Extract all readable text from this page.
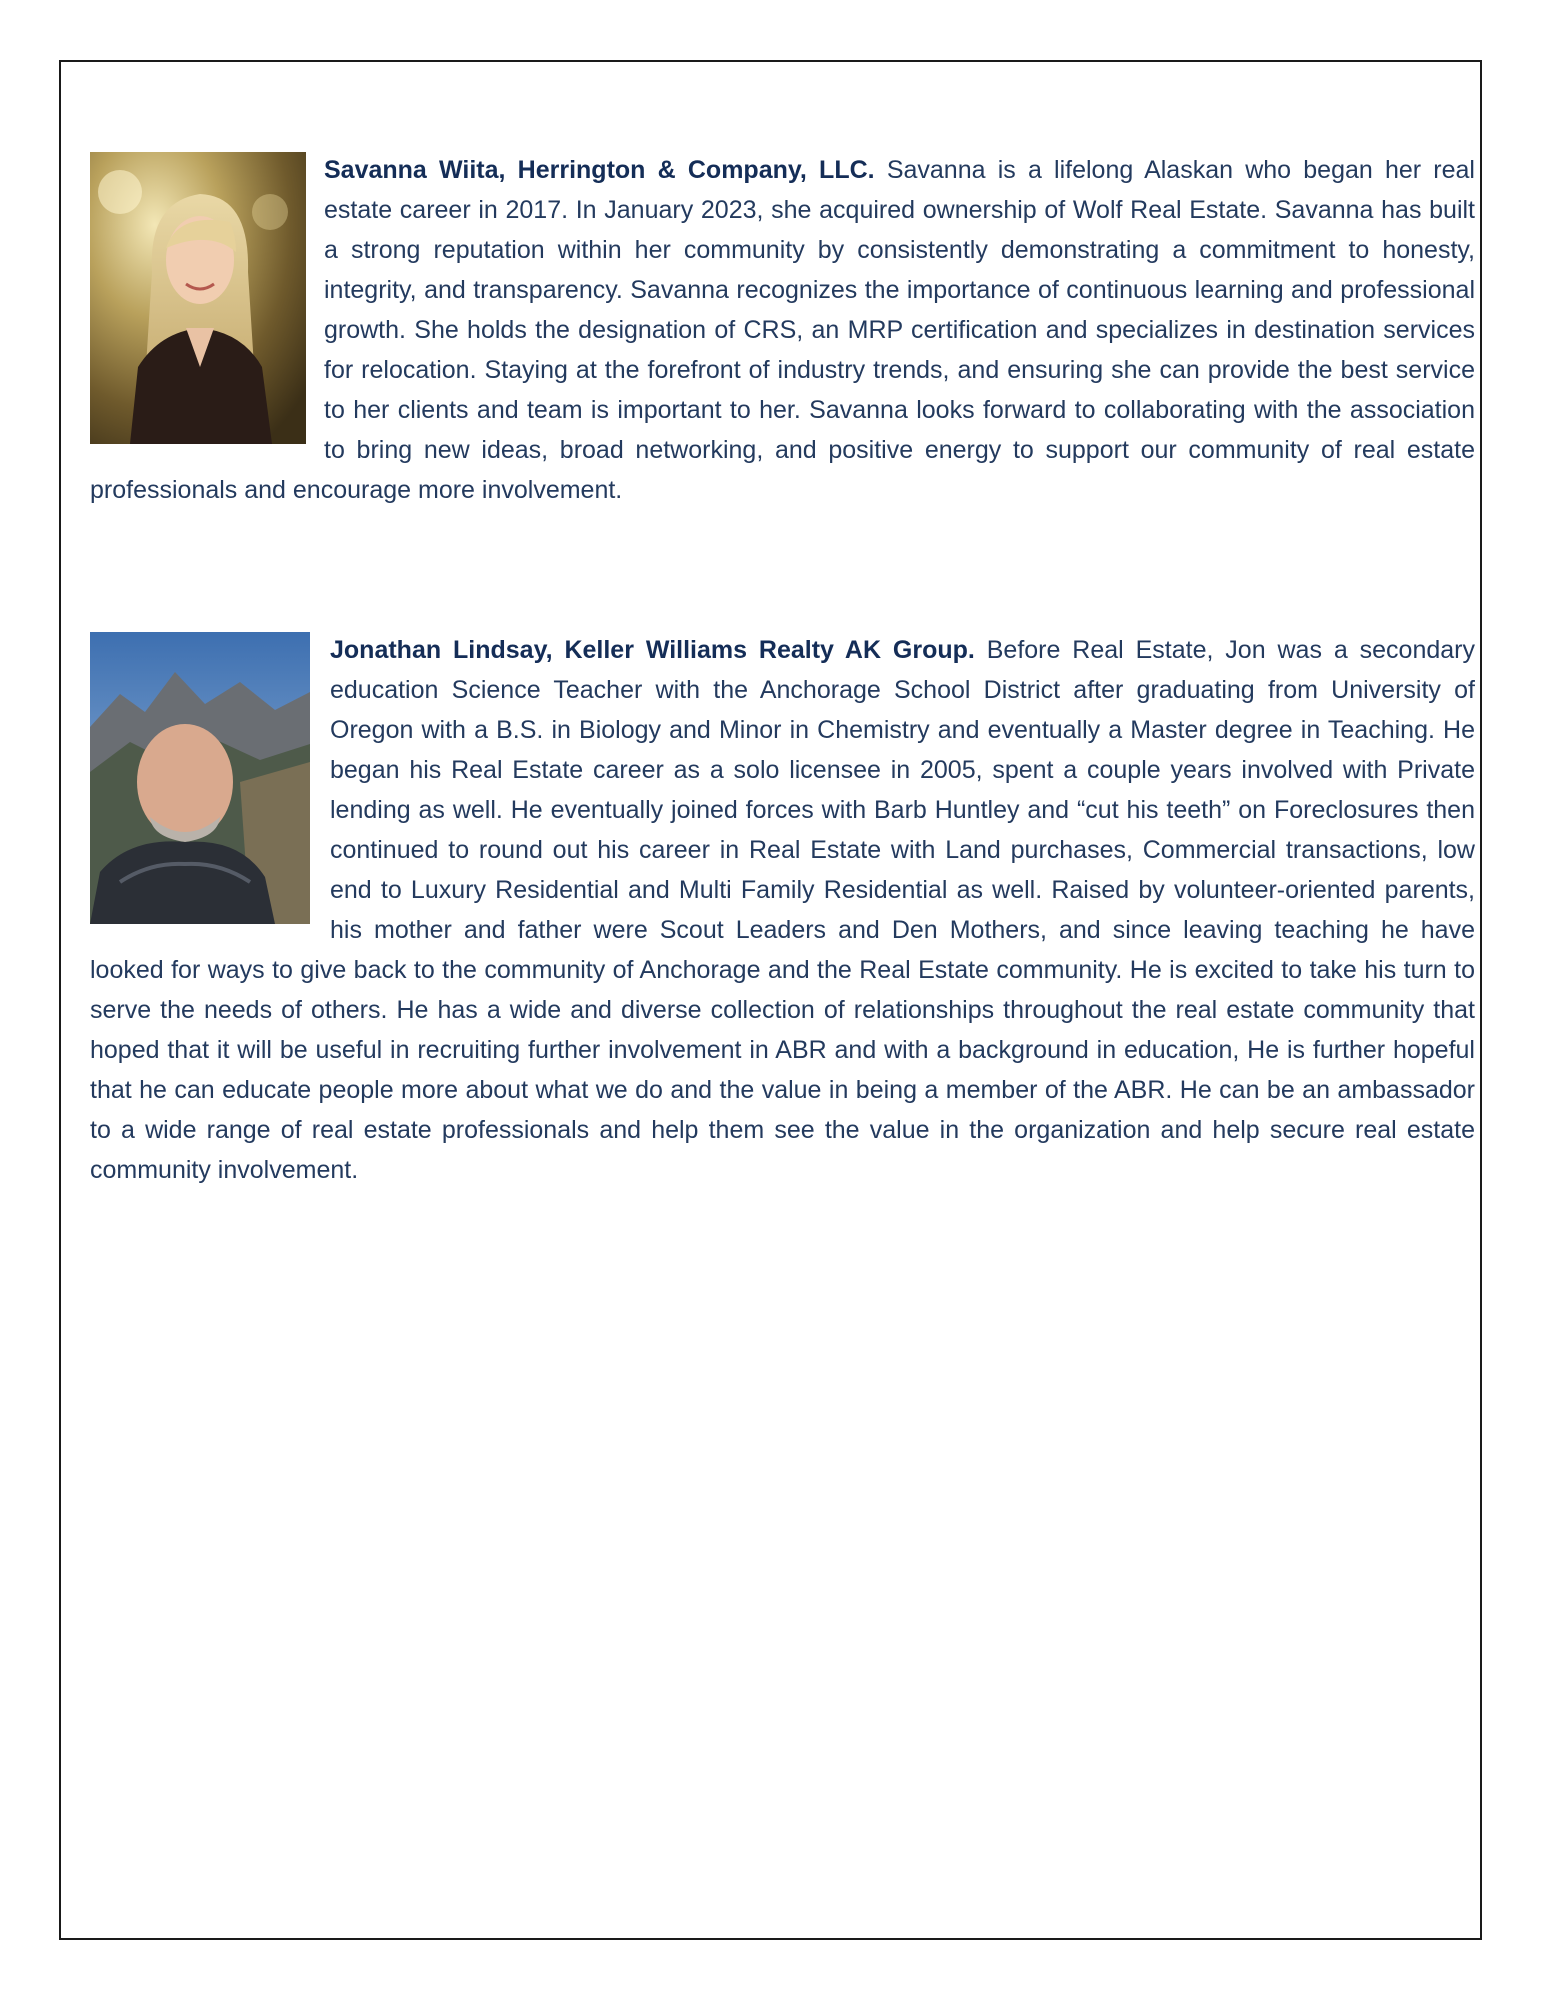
Savanna Wiita, Herrington & Company, LLC. Savanna is a lifelong Alaskan who began her real estate career in 2017. In January 2023, she acquired ownership of Wolf Real Estate. Savanna has built a strong reputation within her community by consistently demonstrating a commitment to honesty, integrity, and transparency. Savanna recognizes the importance of continuous learning and professional growth. She holds the designation of CRS, an MRP certification and specializes in destination services for relocation. Staying at the forefront of industry trends, and ensuring she can provide the best service to her clients and team is important to her. Savanna looks forward to collaborating with the association to bring new ideas, broad networking, and positive energy to support our community of real estate professionals and encourage more involvement.

Jonathan Lindsay, Keller Williams Realty AK Group. Before Real Estate, Jon was a secondary education Science Teacher with the Anchorage School District after graduating from University of Oregon with a B.S. in Biology and Minor in Chemistry and eventually a Master degree in Teaching. He began his Real Estate career as a solo licensee in 2005, spent a couple years involved with Private lending as well. He eventually joined forces with Barb Huntley and “cut his teeth” on Foreclosures then continued to round out his career in Real Estate with Land purchases, Commercial transactions, low end to Luxury Residential and Multi Family Residential as well. Raised by volunteer-oriented parents, his mother and father were Scout Leaders and Den Mothers, and since leaving teaching he have looked for ways to give back to the community of Anchorage and the Real Estate community. He is excited to take his turn to serve the needs of others. He has a wide and diverse collection of relationships throughout the real estate community that hoped that it will be useful in recruiting further involvement in ABR and with a background in education, He is further hopeful that he can educate people more about what we do and the value in being a member of the ABR. He can be an ambassador to a wide range of real estate professionals and help them see the value in the organization and help secure real estate community involvement.
